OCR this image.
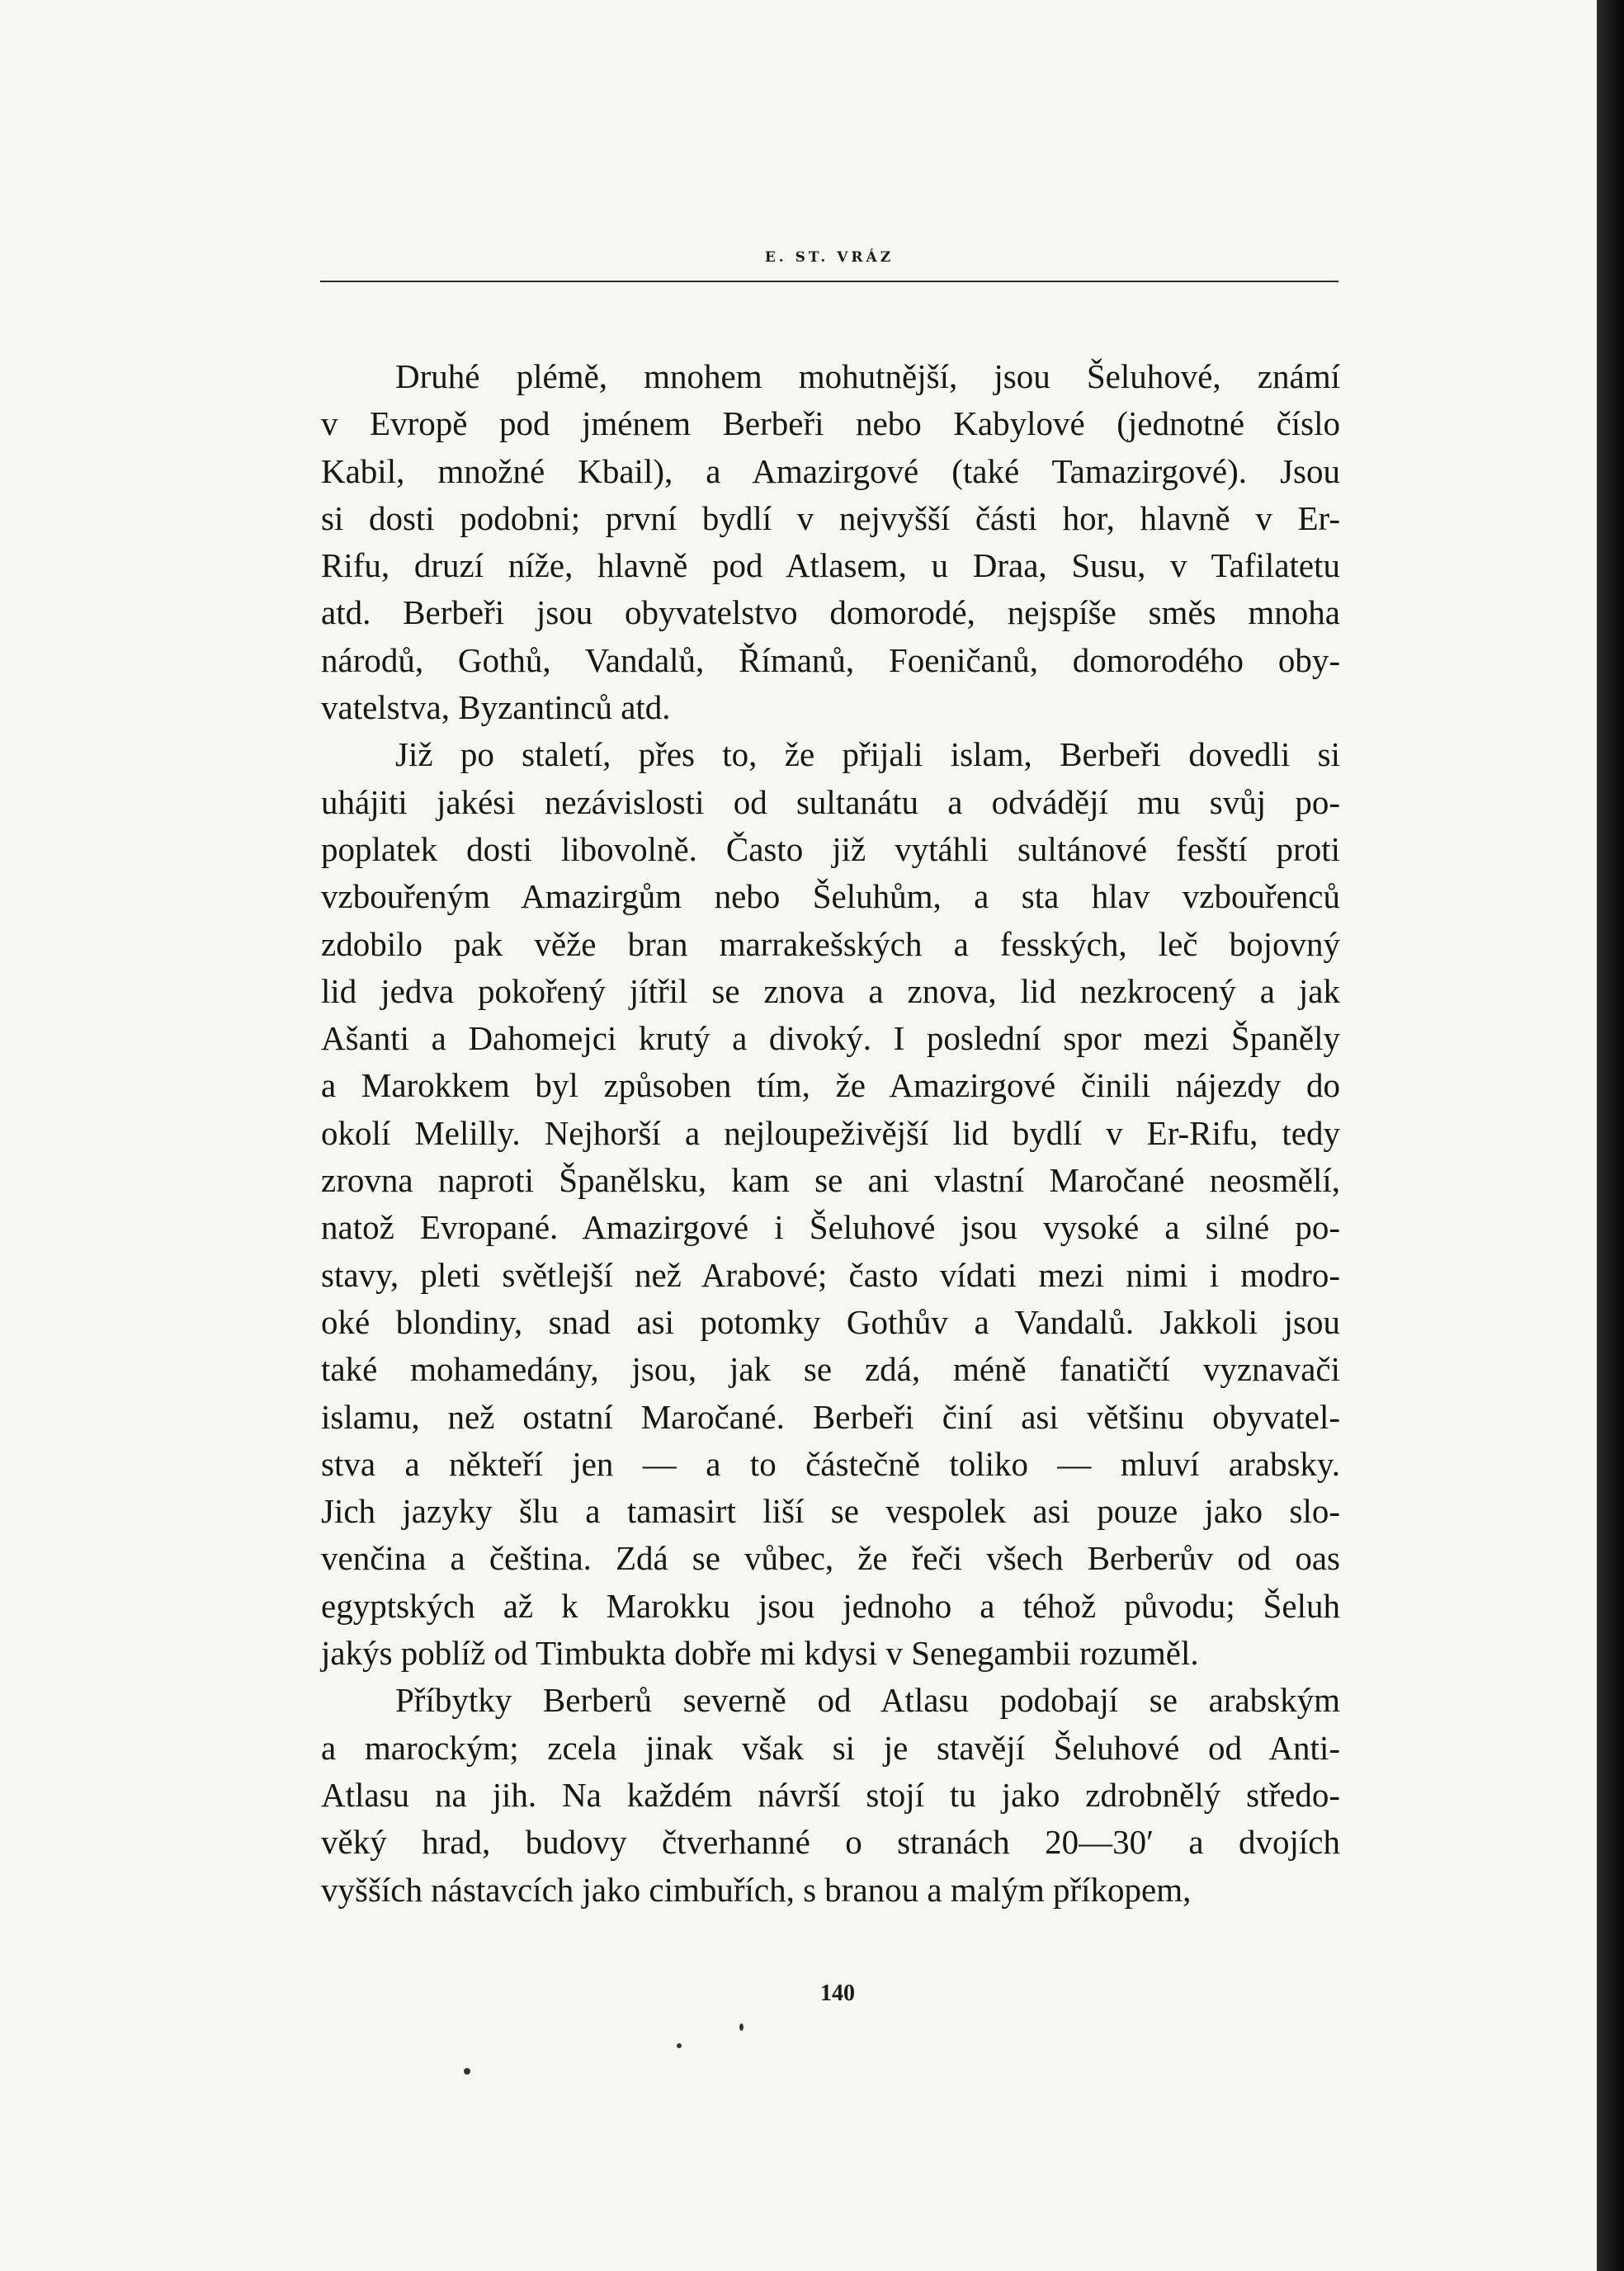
E. ST. VRÁZ

Druhé plémě, mnohem mohutnější, jsou Šeluhové, známí
v Evropě pod jménem Berbeři nebo Kabylové (jednotné číslo
Kabil, množné Kbail), a Amazirgové (také Tamazirgové). Jsou
si dosti podobni; první bydlí v nejvyšší části hor, hlavně v Er-
Rifu, druzí níže, hlavně pod Atlasem, u Draa, Susu, v Tafilatetu
atd. Berbeři jsou obyvatelstvo domorodé, nejspíše směs mnoha
národů, Gothů, Vandalů, Římanů, Foeničanů, domorodého oby-
vatelstva, Byzantinců atd.

Již po staletí, přes to, že přijali islam, Berbeři dovedli si
uhájiti jakési nezávislosti od sultanátu a odvádějí mu svůj po-
poplatek dosti libovolně. Často již vytáhli sultánové fesští proti
vzbouřeným Amazirgům nebo Šeluhům, a sta hlav vzbouřenců
zdobilo pak věže bran marrakešských a fesských, leč bojovný
lid jedva pokořený jítřil se znova a znova, lid nezkrocený a jak
Ašanti a Dahomejci krutý a divoký. I poslední spor mezi Španěly
a Marokkem byl způsoben tím, že Amazirgové činili nájezdy do
okolí Melilly. Nejhorší a nejloupeživější lid bydlí v Er-Rifu, tedy
zrovna naproti Španělsku, kam se ani vlastní Maročané neosmělí,
natož Evropané. Amazirgové i Šeluhové jsou vysoké a silné po-
stavy, pleti světlejší než Arabové; často vídati mezi nimi i modro-
oké blondiny, snad asi potomky Gothův a Vandalů. Jakkoli jsou
také mohamedány, jsou, jak se zdá, méně fanatičtí vyznavači
islamu, než ostatní Maročané. Berbeři činí asi většinu obyvatel-
stva a někteří jen — a to částečně toliko — mluví arabsky.
Jich jazyky šlu a tamasirt liší se vespolek asi pouze jako slo-
venčina a čeština. Zdá se vůbec, že řeči všech Berberův od oas
egyptských až k Marokku jsou jednoho a téhož původu; Šeluh
jakýs poblíž od Timbukta dobře mi kdysi v Senegambii rozuměl.

Příbytky Berberů severně od Atlasu podobají se arabským
a marockým; zcela jinak však si je stavějí Šeluhové od Anti-
Atlasu na jih. Na každém návrší stojí tu jako zdrobnělý středo-
věký hrad, budovy čtverhanné o stranách 20—30′ a dvojích
vyšších nástavcích jako cimbuřích, s branou a malým příkopem,

140
